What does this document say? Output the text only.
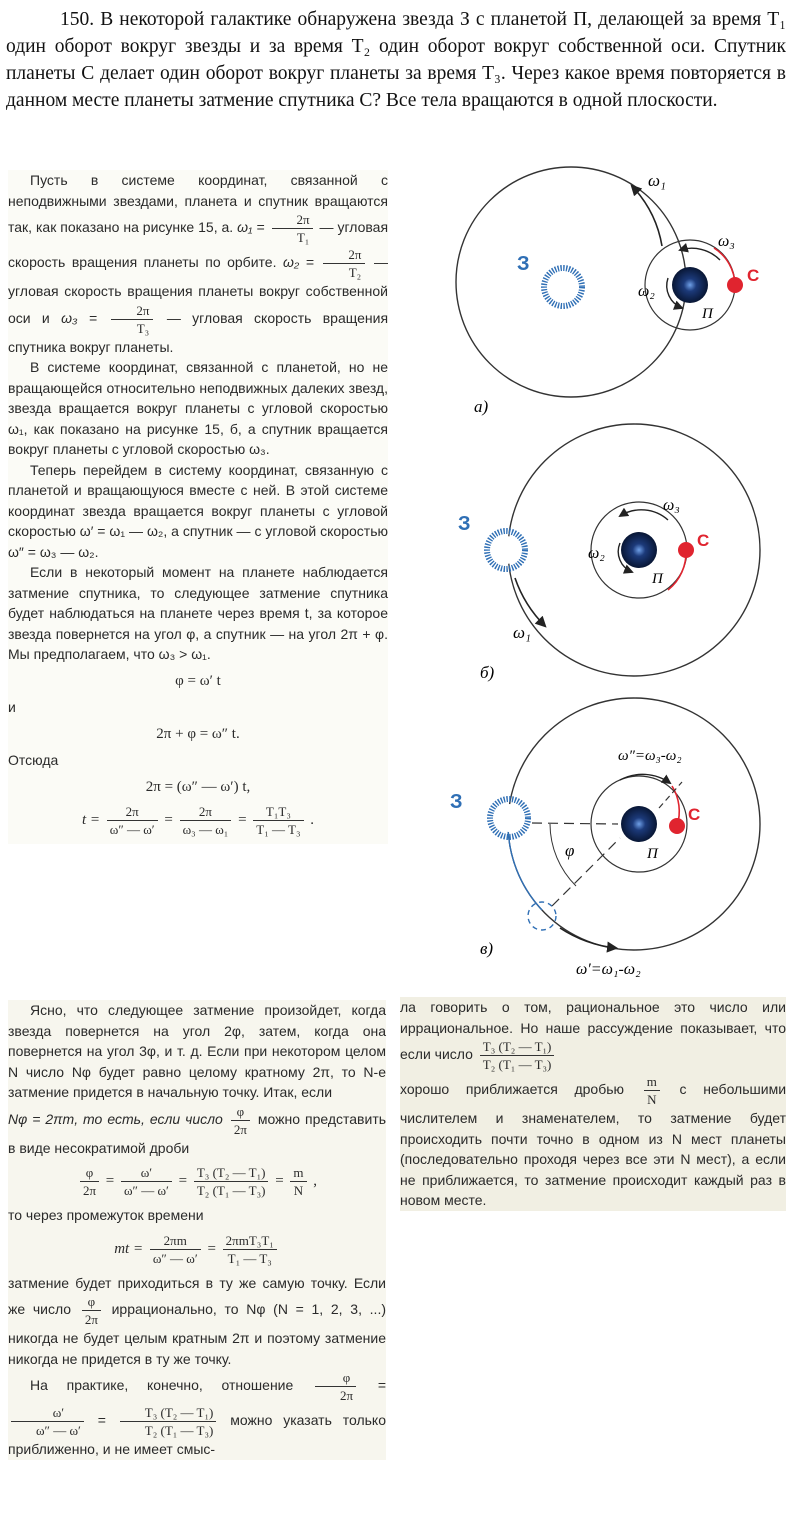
150. В некоторой галактике обнаружена звезда З с планетой П, делающей за время T₁ один оборот вокруг звезды и за время T₂ один оборот вокруг собственной оси. Спутник планеты С делает один оборот вокруг планеты за время T₃. Через какое время повторяется в данном месте планеты затмение спутника С? Все тела вращаются в одной плоскости.

Пусть в системе координат, связанной с неподвижными звездами, планета и спутник вращаются так, как показано на рисунке 15, а. $\omega_1 = \frac{2\pi}{\text{T₁}}$ — угловая скорость вращения планеты по орбите. $\omega_2 = \frac{2\pi}{\text{T₂}}$ — угловая скорость вращения планеты вокруг собственной оси и $\omega_3 = \frac{2\pi}{\text{T₃}}$ — угловая скорость вращения спутника вокруг планеты.

В системе координат, связанной с планетой, но не вращающейся относительно неподвижных далеких звезд, звезда вращается вокруг планеты с угловой скоростью ω₁, как показано на рисунке 15, б, а спутник вращается вокруг планеты с угловой скоростью ω₃.

Теперь перейдем в систему координат, связанную с планетой и вращающуюся вместе с ней. В этой системе координат звезда вращается вокруг планеты с угловой скоростью ω′ = ω₁ — ω₂, а спутник — с угловой скоростью ω″ = ω₃ — ω₂.

Если в некоторый момент на планете наблюдается затмение спутника, то следующее затмение спутника будет наблюдаться на планете через время t, за которое звезда повернется на угол φ, а спутник — на угол 2π + φ. Мы предполагаем, что ω₃ > ω₁.

φ = ω′ t

и

2π + φ = ω″ t.

Отсюда

2π = (ω″ — ω′) t,
$t = \frac{2\pi}{\omega'' — \omega'} = \frac{2\pi}{\text{ω₃ — ω₁}} = \frac{\text{T₁T₃}}{\text{T₁ — T₃}}$ .
З
ω₁
ω₃
ω₂
С
П
а)
З
ω₃
ω₂
ω₁
С
П
б)
З
φ
ω″=ω₃-ω₂
С
П
в)
ω′=ω₁-ω₂

Ясно, что следующее затмение произойдет, когда звезда повернется на угол 2φ, затем, когда она повернется на угол 3φ, и т. д. Если при некотором целом N число Nφ будет равно целому кратному 2π, то N-е затмение придется в начальную точку. Итак, если

Nφ = 2πm, то есть, если число $\frac{\varphi}{2\pi}$ можно представить в виде несократимой дроби

$\frac{\varphi}{2\pi} = \frac{\omega'}{\omega'' — \omega'} = \frac{\text{T₃ (T₂ — T₁)}}{\text{T₂ (T₁ — T₃)}} = \frac{m}{N}$ ,

то через промежуток времени

mt = $\frac{2\pi m}{\omega'' — \omega'} = \frac{\text{2πmT₃T₁}}{\text{T₁ — T₃}}$

затмение будет приходиться в ту же самую точку. Если же число $\frac{\varphi}{2\pi}$ иррационально, то Nφ (N = 1, 2, 3, ...) никогда не будет целым кратным 2π и поэтому затмение никогда не придется в ту же точку.

На практике, конечно, отношение $\frac{\varphi}{2\pi}$ =
$\frac{\omega'}{\omega'' — \omega'} = \frac{\text{T₃ (T₂ — T₁)}}{\text{T₂ (T₁ — T₃)}}$ можно указать только приближенно, и не имеет смыс-

ла говорить о том, рациональное это число или иррациональное. Но наше рассуждение показывает, что если число $\frac{\text{T₃ (T₂ — T₁)}}{\text{T₂ (T₁ — T₃)}}$

хорошо приближается дробью $\frac{m}{N}$ с небольшими числителем и знаменателем, то затмение будет происходить почти точно в одном из N мест планеты (последовательно проходя через все эти N мест), а если не приближается, то затмение происходит каждый раз в новом месте.
